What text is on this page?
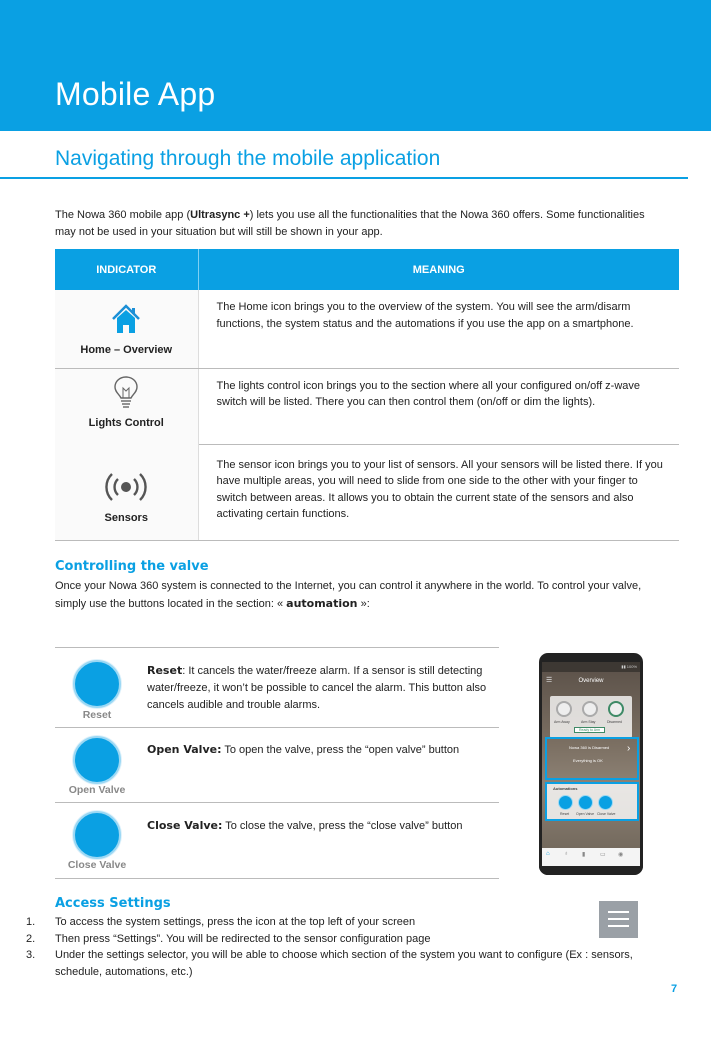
Mobile App
Navigating through the mobile application

The Nowa 360 mobile app (Ultrasync +) lets you use all the functionalities that the Nowa 360 offers. Some functionalities may not be used in your situation but will still be shown in your app.

INDICATOR	MEANING

Home – Overview	The Home icon brings you to the overview of the system. You will see the arm/disarm functions, the system status and the automations if you use the app on a smartphone.

Lights Control	The lights control icon brings you to the section where all your configured on/off z-wave switch will be listed. There you can then control them (on/off or dim the lights).

Sensors	The sensor icon brings you to your list of sensors. All your sensors will be listed there. If you have multiple areas, you will need to slide from one side to the other with your finger to switch between areas. It allows you to obtain the current state of the sensors and also activating certain functions.
Controlling the valve

Once your Nowa 360 system is connected to the Internet, you can control it anywhere in the world. To control your valve, simply use the buttons located in the section: « automation »:

Reset
Reset: It cancels the water/freeze alarm. If a sensor is still detecting water/freeze, it won’t be possible to cancel the alarm. This button also cancels audible and trouble alarms.
Open Valve
Open Valve: To open the valve, press the “open valve” button
Close Valve
Close Valve: To close the valve, press the “close valve” button
▮▮ 100%
☰	Overview
Arm Away	Arm Stay	Disarmed
Ready to Arm
Nowa 360 is Disarmed
Everything is OK
›
Automations
Reset Open Valve Close Valve
⌂ ♁ ▮ ▭ ◉
Access Settings
1. To access the system settings, press the icon at the top left of your screen
2. Then press “Settings”. You will be redirected to the sensor configuration page
3. Under the settings selector, you will be able to choose which section of the system you want to configure (Ex : sensors, schedule, automations, etc.)
7
